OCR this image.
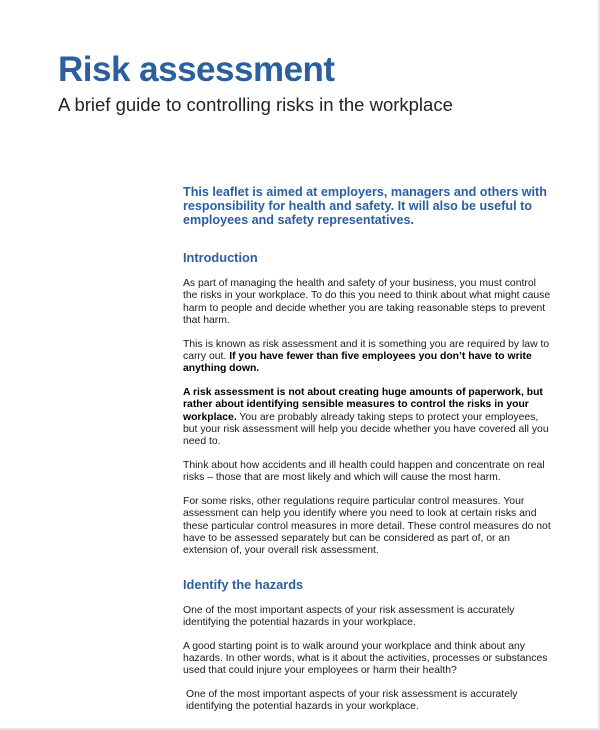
Risk assessment

A brief guide to controlling risks in the workplace

This leaflet is aimed at employers, managers and others with responsibility for health and safety. It will also be useful to employees and safety representatives.

Introduction

As part of managing the health and safety of your business, you must control the risks in your workplace. To do this you need to think about what might cause harm to people and decide whether you are taking reasonable steps to prevent that harm.

This is known as risk assessment and it is something you are required by law to carry out. If you have fewer than five employees you don’t have to write anything down.

A risk assessment is not about creating huge amounts of paperwork, but rather about identifying sensible measures to control the risks in your workplace. You are probably already taking steps to protect your employees, but your risk assessment will help you decide whether you have covered all you need to.

Think about how accidents and ill health could happen and concentrate on real risks – those that are most likely and which will cause the most harm.

For some risks, other regulations require particular control measures. Your assessment can help you identify where you need to look at certain risks and these particular control measures in more detail. These control measures do not have to be assessed separately but can be considered as part of, or an extension of, your overall risk assessment.

Identify the hazards

One of the most important aspects of your risk assessment is accurately identifying the potential hazards in your workplace.

A good starting point is to walk around your workplace and think about any hazards. In other words, what is it about the activities, processes or substances used that could injure your employees or harm their health?

One of the most important aspects of your risk assessment is accurately identifying the potential hazards in your workplace.
